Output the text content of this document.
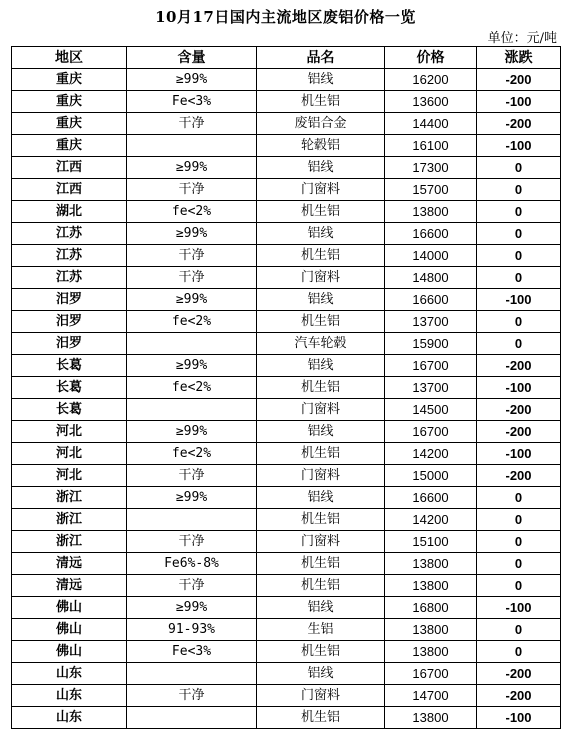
10月17日国内主流地区废铝价格一览
单位：元/吨
地区	含量	品名	价格	涨跌
重庆	≥99%	铝线	16200	-200
重庆	Fe<3%	机生铝	13600	-100
重庆	干净	废铝合金	14400	-200
重庆		轮毂铝	16100	-100
江西	≥99%	铝线	17300	0
江西	干净	门窗料	15700	0
湖北	fe<2%	机生铝	13800	0
江苏	≥99%	铝线	16600	0
江苏	干净	机生铝	14000	0
江苏	干净	门窗料	14800	0
汨罗	≥99%	铝线	16600	-100
汨罗	fe<2%	机生铝	13700	0
汨罗		汽车轮毂	15900	0
长葛	≥99%	铝线	16700	-200
长葛	fe<2%	机生铝	13700	-100
长葛		门窗料	14500	-200
河北	≥99%	铝线	16700	-200
河北	fe<2%	机生铝	14200	-100
河北	干净	门窗料	15000	-200
浙江	≥99%	铝线	16600	0
浙江		机生铝	14200	0
浙江	干净	门窗料	15100	0
清远	Fe6%-8%	机生铝	13800	0
清远	干净	机生铝	13800	0
佛山	≥99%	铝线	16800	-100
佛山	91-93%	生铝	13800	0
佛山	Fe<3%	机生铝	13800	0
山东		铝线	16700	-200
山东	干净	门窗料	14700	-200
山东		机生铝	13800	-100
